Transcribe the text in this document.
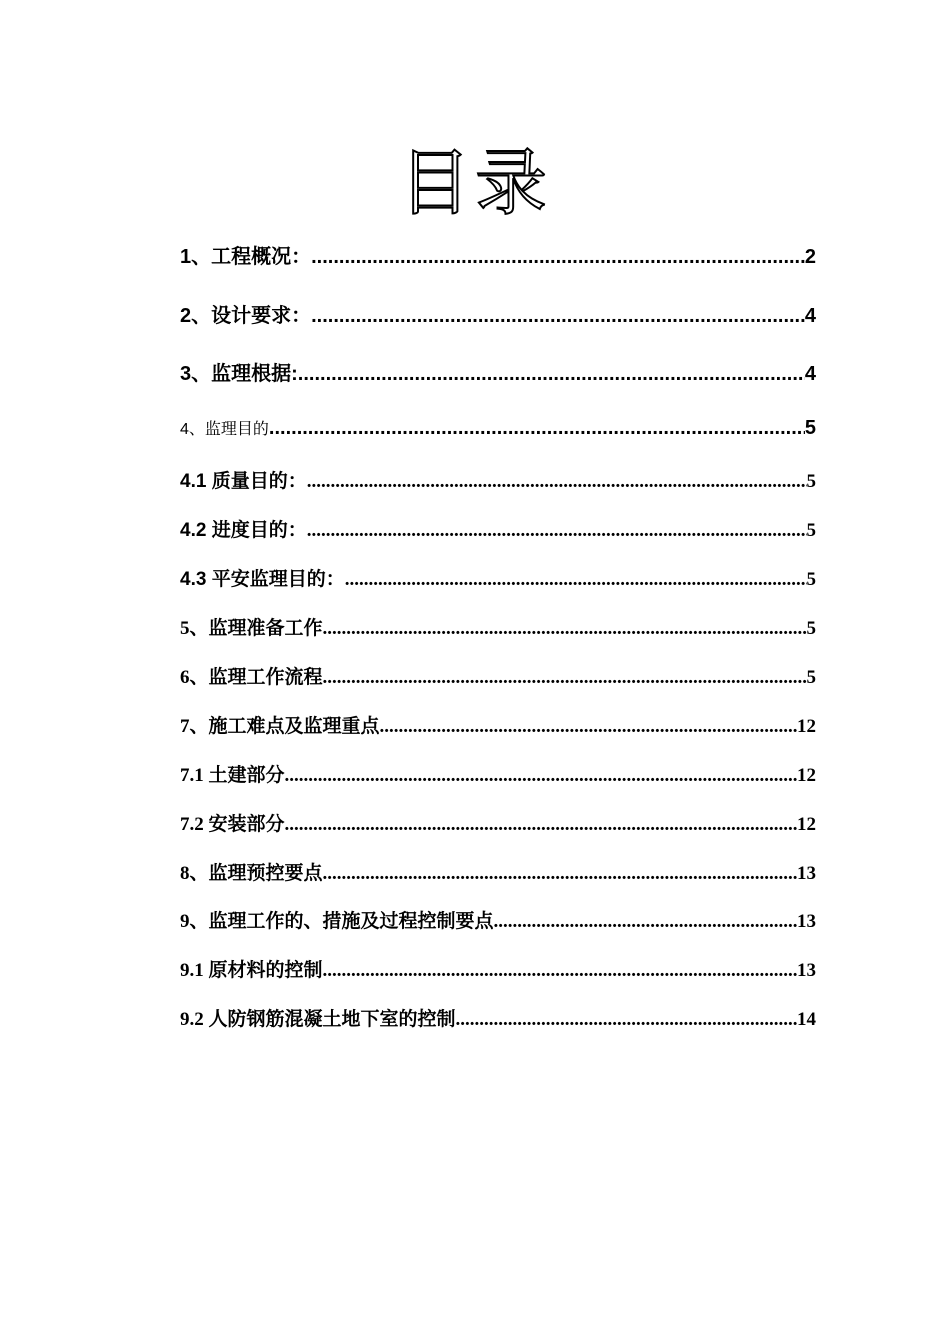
目录
1、工程概况： .....	2
2、设计要求： .....	4
3、监理根据: .....	4
4、监理目的 .....	5
4.1 质量目的： .....	5
4.2 进度目的： .....	5
4.3 平安监理目的： .....	5
5、监理准备工作 .....	5
6、监理工作流程 .....	5
7、施工难点及监理重点 .....	12
7.1 土建部分 .....	12
7.2 安装部分 .....	12
8、监理预控要点 .....	13
9、监理工作的、措施及过程控制要点 .....	13
9.1 原材料的控制 .....	13
9.2 人防钢筋混凝土地下室的控制 .....	14
